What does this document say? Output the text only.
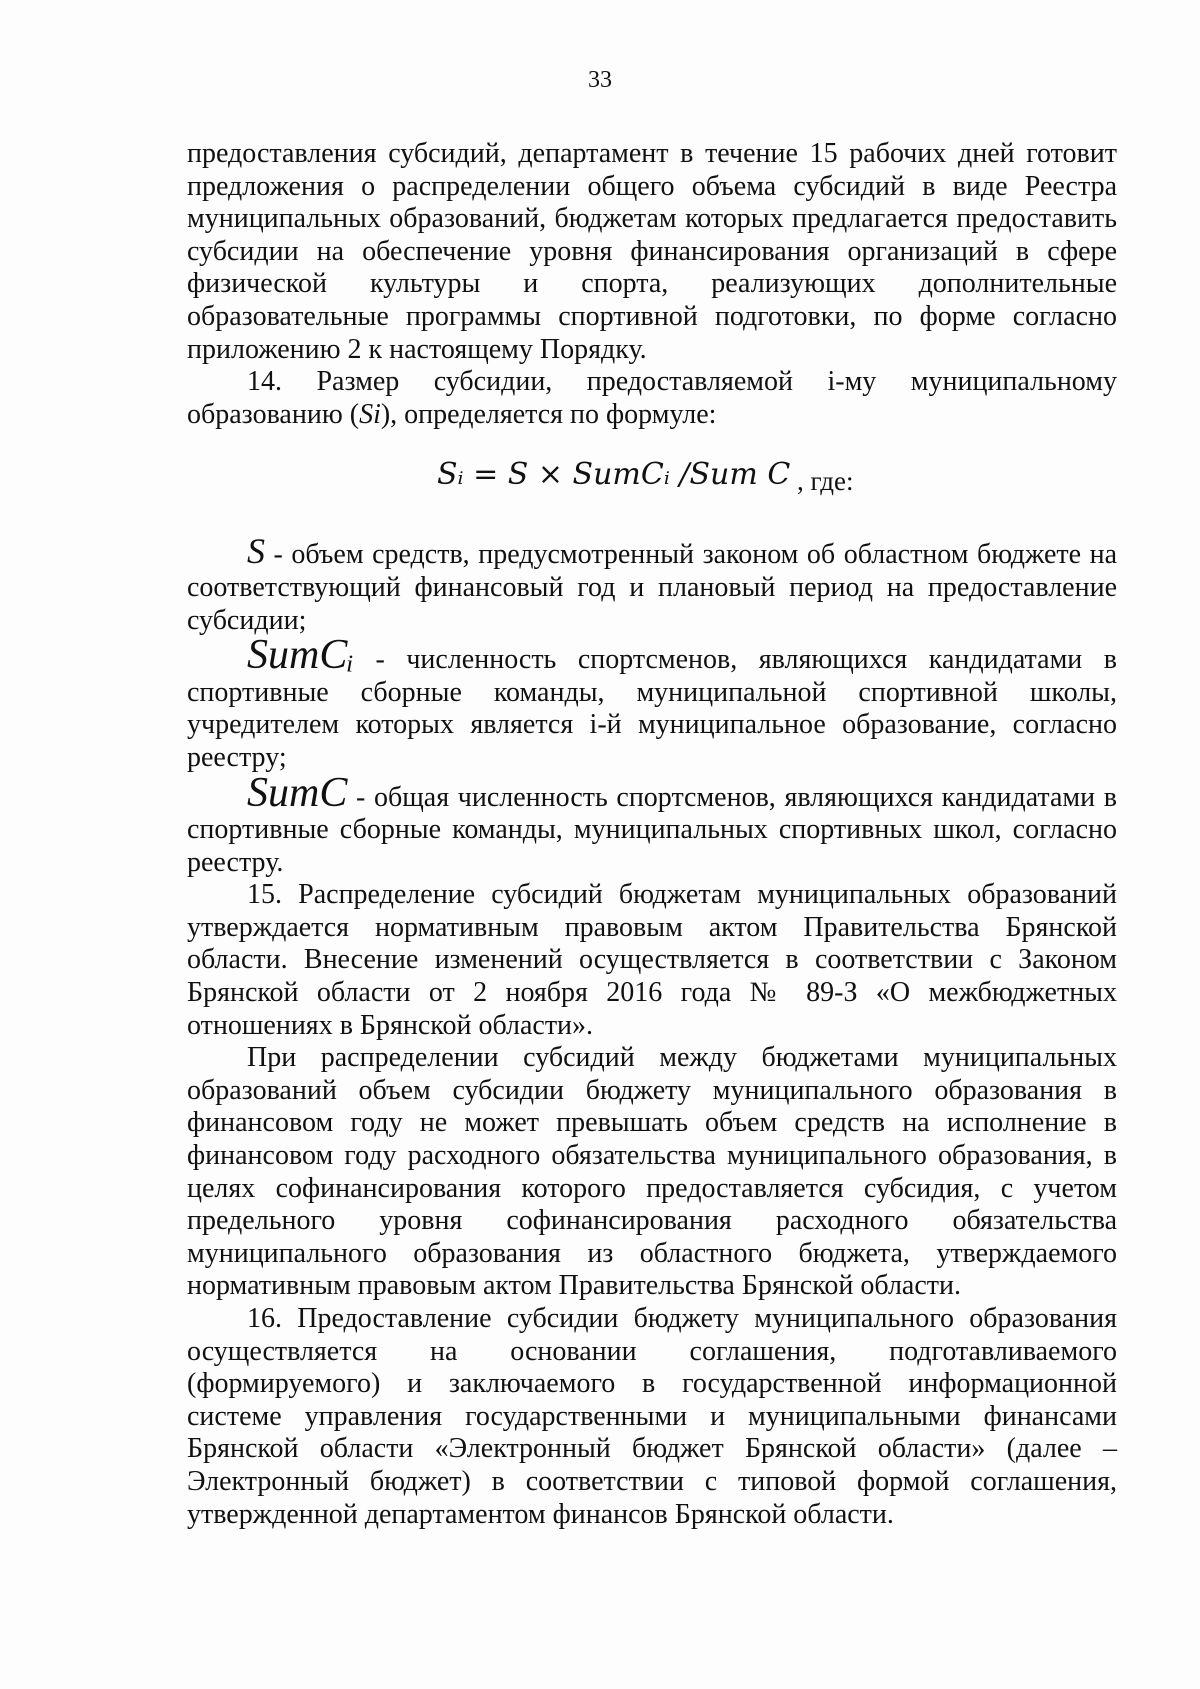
33

предоставления субсидий, департамент в течение 15 рабочих дней готовит предложения о распределении общего объема субсидий в виде Реестра муниципальных образований, бюджетам которых предлагается предоставить субсидии на обеспечение уровня финансирования организаций в сфере физической культуры и спорта, реализующих дополнительные образовательные программы спортивной подготовки, по форме согласно приложению 2 к настоящему Порядку.

14. Размер субсидии, предоставляемой i-му муниципальному образованию (Si), определяется по формуле:

Sᵢ = S × SumCᵢ /Sum C , где:

S - объем средств, предусмотренный законом об областном бюджете на соответствующий финансовый год и плановый период на предоставление субсидии;

SumCᵢ - численность спортсменов, являющихся кандидатами в спортивные сборные команды, муниципальной спортивной школы, учредителем которых является i-й муниципальное образование, согласно реестру;

SumC - общая численность спортсменов, являющихся кандидатами в спортивные сборные команды, муниципальных спортивных школ, согласно реестру.

15. Распределение субсидий бюджетам муниципальных образований утверждается нормативным правовым актом Правительства Брянской области. Внесение изменений осуществляется в соответствии с Законом Брянской области от 2 ноября 2016 года № 89-З «О межбюджетных отношениях в Брянской области».

При распределении субсидий между бюджетами муниципальных образований объем субсидии бюджету муниципального образования в финансовом году не может превышать объем средств на исполнение в финансовом году расходного обязательства муниципального образования, в целях софинансирования которого предоставляется субсидия, с учетом предельного уровня софинансирования расходного обязательства муниципального образования из областного бюджета, утверждаемого нормативным правовым актом Правительства Брянской области.

16. Предоставление субсидии бюджету муниципального образования осуществляется на основании соглашения, подготавливаемого (формируемого) и заключаемого в государственной информационной системе управления государственными и муниципальными финансами Брянской области «Электронный бюджет Брянской области» (далее – Электронный бюджет) в соответствии с типовой формой соглашения, утвержденной департаментом финансов Брянской области.
